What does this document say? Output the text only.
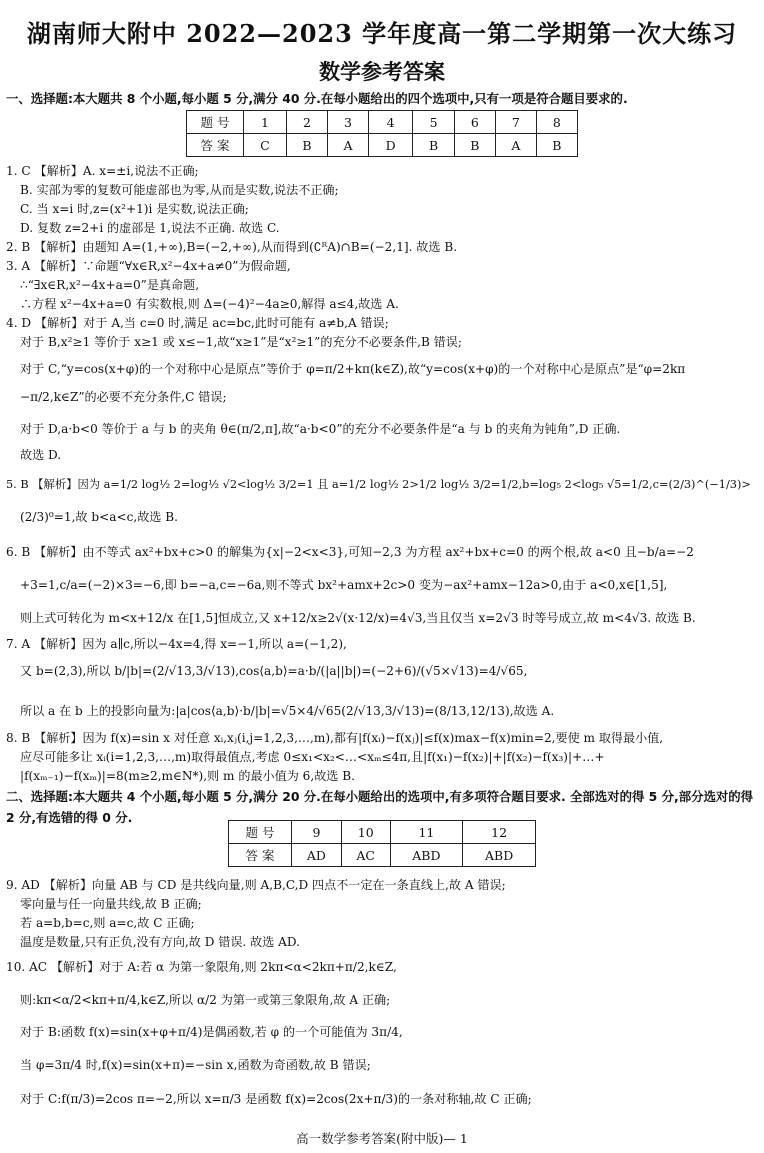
湖南师大附中 2022—2023 学年度高一第二学期第一次大练习
数学参考答案
一、选择题:本大题共 8 个小题,每小题 5 分,满分 40 分.在每小题给出的四个选项中,只有一项是符合题目要求的.
题 号	1	2	3	4	5	6	7	8
答 案	C	B	A	D	B	B	A	B
1. C 【解析】A. x=±i,说法不正确;
B. 实部为零的复数可能虚部也为零,从而是实数,说法不正确;
C. 当 x=i 时,z=(x²+1)i 是实数,说法正确;
D. 复数 z=2+i 的虚部是 1,说法不正确. 故选 C.
2. B 【解析】由题知 A=(1,+∞),B=(−2,+∞),从而得到(∁ᴿA)∩B=(−2,1]. 故选 B.
3. A 【解析】∵命题“∀x∈R,x²−4x+a≠0”为假命题,
∴“∃x∈R,x²−4x+a=0”是真命题,
∴方程 x²−4x+a=0 有实数根,则 Δ=(−4)²−4a≥0,解得 a≤4,故选 A.
4. D 【解析】对于 A,当 c=0 时,满足 ac=bc,此时可能有 a≠b,A 错误;
对于 B,x²≥1 等价于 x≥1 或 x≤−1,故“x≥1”是“x²≥1”的充分不必要条件,B 错误;
对于 C,“y=cos(x+φ)的一个对称中心是原点”等价于 φ=π/2+kπ(k∈Z),故“y=cos(x+φ)的一个对称中心是原点”是“φ=2kπ
−π/2,k∈Z”的必要不充分条件,C 错误;
对于 D,a·b<0 等价于 a 与 b 的夹角 θ∈(π/2,π],故“a·b<0”的充分不必要条件是“a 与 b 的夹角为钝角”,D 正确.
故选 D.
5. B 【解析】因为 a=1/2 log½ 2=log½ √2<log½ 3/2=1 且 a=1/2 log½ 2>1/2 log½ 3/2=1/2,b=log₅ 2<log₅ √5=1/2,c=(2/3)^(−1/3)>
(2/3)⁰=1,故 b<a<c,故选 B.
6. B 【解析】由不等式 ax²+bx+c>0 的解集为{x|−2<x<3},可知−2,3 为方程 ax²+bx+c=0 的两个根,故 a<0 且−b/a=−2
+3=1,c/a=(−2)×3=−6,即 b=−a,c=−6a,则不等式 bx²+amx+2c>0 变为−ax²+amx−12a>0,由于 a<0,x∈[1,5],
则上式可转化为 m<x+12/x 在[1,5]恒成立,又 x+12/x≥2√(x·12/x)=4√3,当且仅当 x=2√3 时等号成立,故 m<4√3. 故选 B.
7. A 【解析】因为 a∥c,所以−4x=4,得 x=−1,所以 a=(−1,2),
又 b=(2,3),所以 b/|b|=(2/√13,3/√13),cos⟨a,b⟩=a·b/(|a||b|)=(−2+6)/(√5×√13)=4/√65,
所以 a 在 b 上的投影向量为:|a|cos⟨a,b⟩·b/|b|=√5×4/√65(2/√13,3/√13)=(8/13,12/13),故选 A.
8. B 【解析】因为 f(x)=sin x 对任意 xᵢ,xⱼ(i,j=1,2,3,…,m),都有|f(xᵢ)−f(xⱼ)|≤f(x)max−f(x)min=2,要使 m 取得最小值,
应尽可能多让 xᵢ(i=1,2,3,…,m)取得最值点,考虑 0≤x₁<x₂<…<xₘ≤4π,且|f(x₁)−f(x₂)|+|f(x₂)−f(x₃)|+…+
|f(xₘ₋₁)−f(xₘ)|=8(m≥2,m∈N*),则 m 的最小值为 6,故选 B.
9. AD 【解析】向量 AB 与 CD 是共线向量,则 A,B,C,D 四点不一定在一条直线上,故 A 错误;
零向量与任一向量共线,故 B 正确;
若 a=b,b=c,则 a=c,故 C 正确;
温度是数量,只有正负,没有方向,故 D 错误. 故选 AD.
10. AC 【解析】对于 A:若 α 为第一象限角,则 2kπ<α<2kπ+π/2,k∈Z,
则:kπ<α/2<kπ+π/4,k∈Z,所以 α/2 为第一或第三象限角,故 A 正确;
对于 B:函数 f(x)=sin(x+φ+π/4)是偶函数,若 φ 的一个可能值为 3π/4,
当 φ=3π/4 时,f(x)=sin(x+π)=−sin x,函数为奇函数,故 B 错误;
对于 C:f(π/3)=2cos π=−2,所以 x=π/3 是函数 f(x)=2cos(2x+π/3)的一条对称轴,故 C 正确;
二、选择题:本大题共 4 个小题,每小题 5 分,满分 20 分.在每小题给出的选项中,有多项符合题目要求. 全部选对的得 5 分,部分选对的得 2 分,有选错的得 0 分.
题 号	9	10	11	12
答 案	AD	AC	ABD	ABD
高一数学参考答案(附中版)— 1
